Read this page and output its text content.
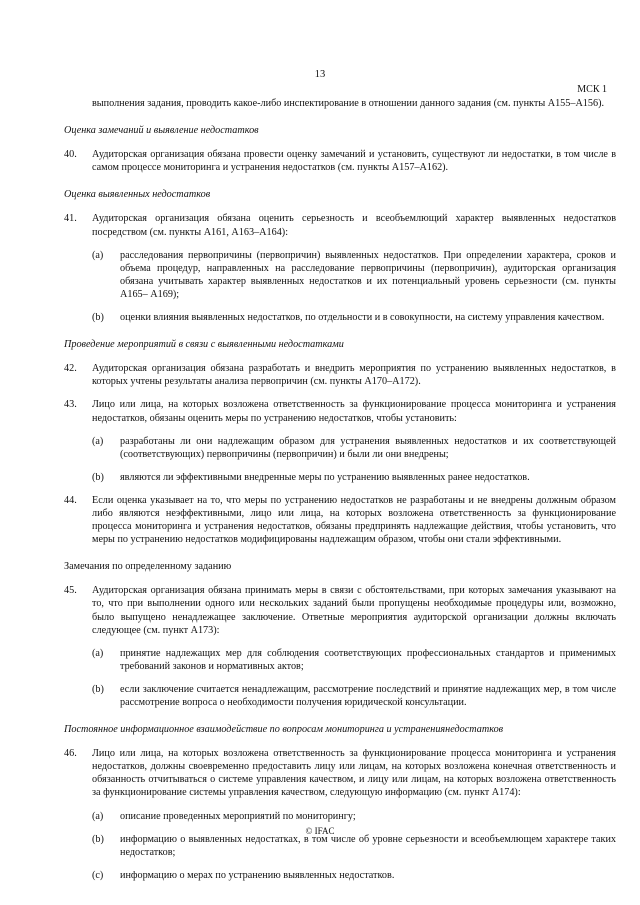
13
МСК 1
выполнения задания, проводить какое-либо инспектирование в отношении данного задания (см. пункты А155–А156).
Оценка замечаний и выявление недостатков
40.	Аудиторская организация обязана провести оценку замечаний и установить, существуют ли недостатки, в том числе в самом процессе мониторинга и устранения недостатков (см. пункты А157–А162).
Оценка выявленных недостатков
41.	Аудиторская организация обязана оценить серьезность и всеобъемлющий характер выявленных недостатков посредством (см. пункты А161, А163–А164):
(a)	расследования первопричины (первопричин) выявленных недостатков. При определении характера, сроков и объема процедур, направленных на расследование первопричины (первопричин), аудиторская организация обязана учитывать характер выявленных недостатков и их потенциальный уровень серьезности (см. пункты А165– А169);
(b)	оценки влияния выявленных недостатков, по отдельности и в совокупности, на систему управления качеством.
Проведение мероприятий в связи с выявленными недостатками
42.	Аудиторская организация обязана разработать и внедрить мероприятия по устранению выявленных недостатков, в которых учтены результаты анализа первопричин (см. пункты А170–А172).
43.	Лицо или лица, на которых возложена ответственность за функционирование процесса мониторинга и устранения недостатков, обязаны оценить меры по устранению недостатков, чтобы установить:
(a)	разработаны ли они надлежащим образом для устранения выявленных недостатков и их соответствующей (соответствующих) первопричины (первопричин) и были ли они внедрены;
(b)	являются ли эффективными внедренные меры по устранению выявленных ранее недостатков.
44.	Если оценка указывает на то, что меры по устранению недостатков не разработаны и не внедрены должным образом либо являются неэффективными, лицо или лица, на которых возложена ответственность за функционирование процесса мониторинга и устранения недостатков, обязаны предпринять надлежащие действия, чтобы установить, что меры по устранению недостатков модифицированы надлежащим образом, чтобы они стали эффективными.
Замечания по определенному заданию
45.	Аудиторская организация обязана принимать меры в связи с обстоятельствами, при которых замечания указывают на то, что при выполнении одного или нескольких заданий были пропущены необходимые процедуры или, возможно, было выпущено ненадлежащее заключение. Ответные мероприятия аудиторской организации должны включать следующее (см. пункт А173):
(a)	принятие надлежащих мер для соблюдения соответствующих профессиональных стандартов и применимых требований законов и нормативных актов;
(b)	если заключение считается ненадлежащим, рассмотрение последствий и принятие надлежащих мер, в том числе рассмотрение вопроса о необходимости получения юридической консультации.
Постоянное информационное взаимодействие по вопросам мониторинга и устранениянедостатков
46.	Лицо или лица, на которых возложена ответственность за функционирование процесса мониторинга и устранения недостатков, должны своевременно предоставить лицу или лицам, на которых возложена конечная ответственность и обязанность отчитываться о системе управления качеством, и лицу или лицам, на которых возложена ответственность за функционирование системы управления качеством, следующую информацию (см. пункт А174):
(a)	описание проведенных мероприятий по мониторингу;
(b)	информацию о выявленных недостатках, в том числе об уровне серьезности и всеобъемлющем характере таких недостатков;
(c)	информацию о мерах по устранению выявленных недостатков.
© IFAC
